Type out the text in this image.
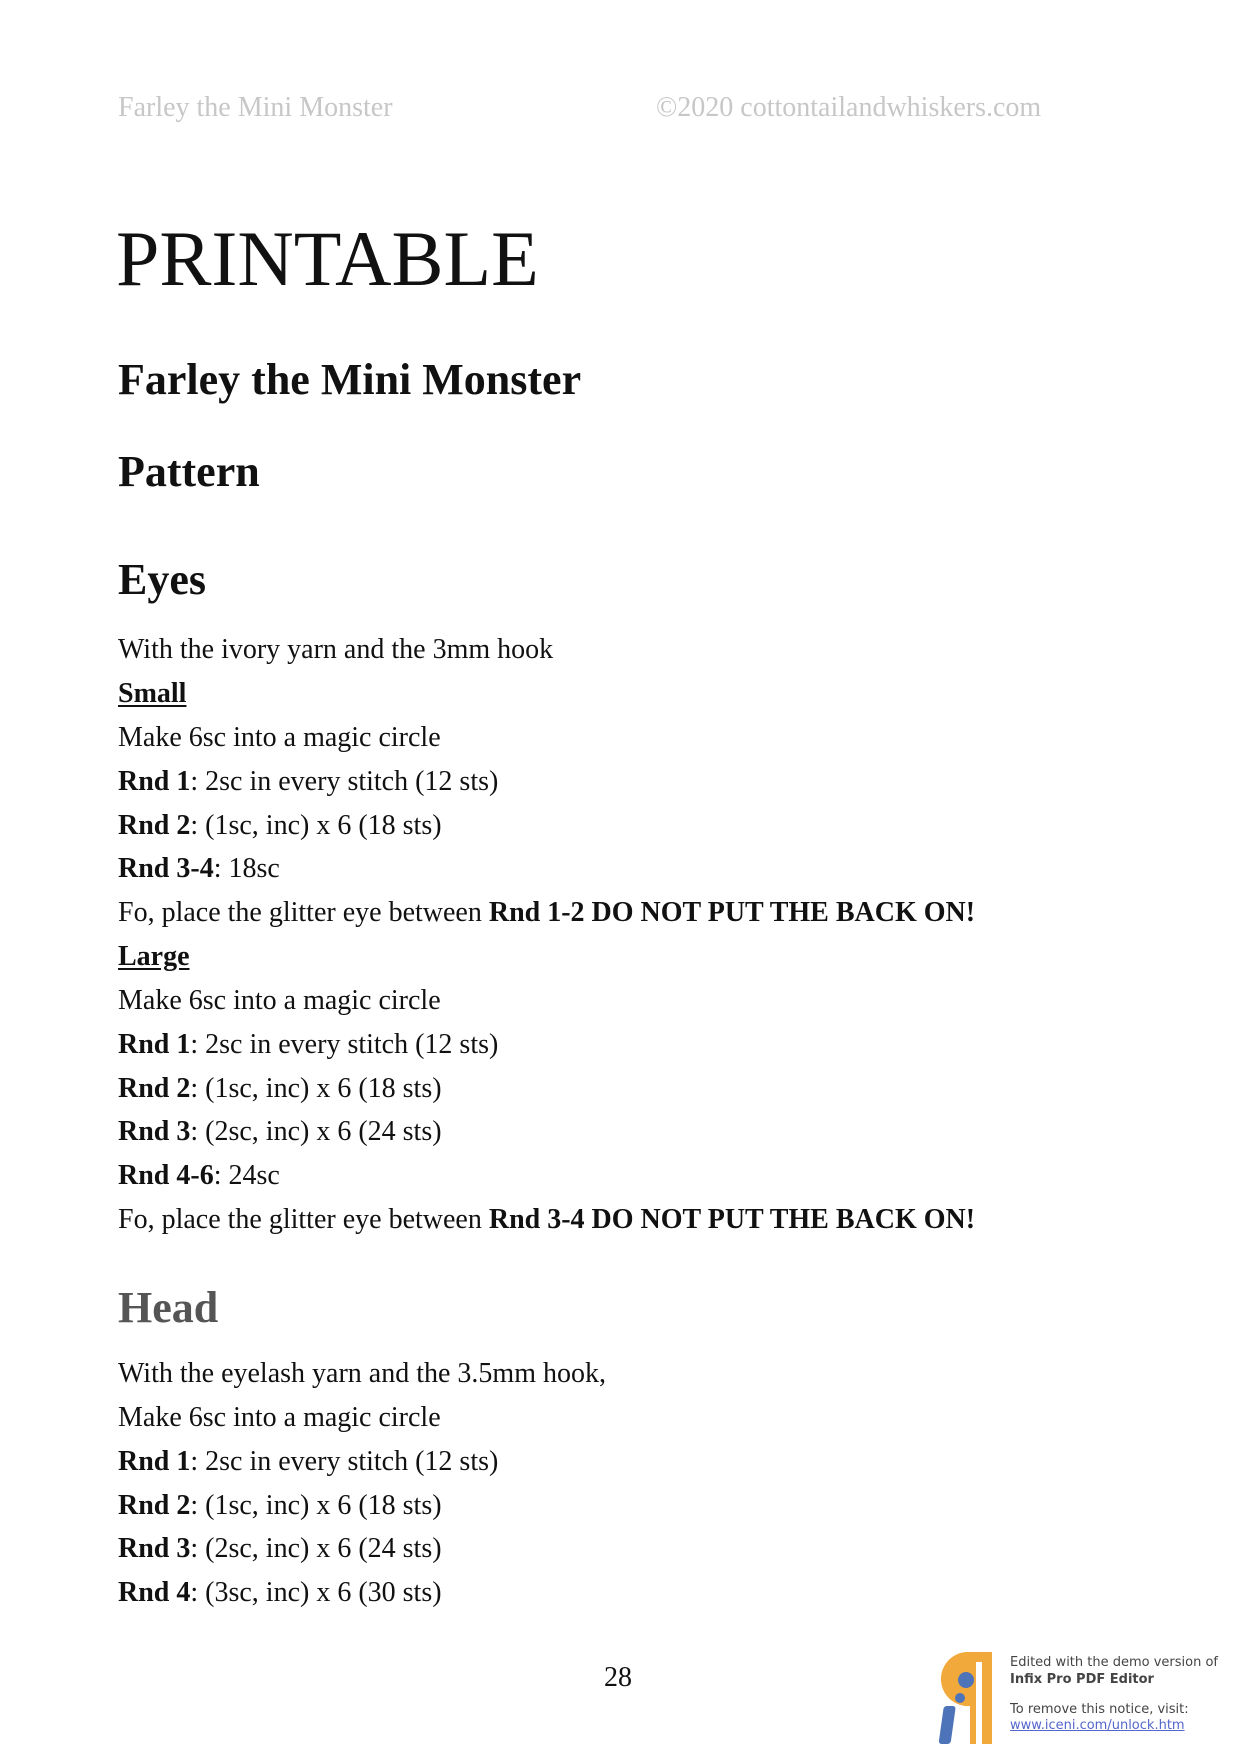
Farley the Mini Monster	©2020 cottontailandwhiskers.com
PRINTABLE
Farley the Mini Monster
Pattern
Eyes
With the ivory yarn and the 3mm hook
Small
Make 6sc into a magic circle
Rnd 1: 2sc in every stitch (12 sts)
Rnd 2: (1sc, inc) x 6 (18 sts)
Rnd 3-4: 18sc
Fo, place the glitter eye between Rnd 1-2 DO NOT PUT THE BACK ON!
Large
Make 6sc into a magic circle
Rnd 1: 2sc in every stitch (12 sts)
Rnd 2: (1sc, inc) x 6 (18 sts)
Rnd 3: (2sc, inc) x 6 (24 sts)
Rnd 4-6: 24sc
Fo, place the glitter eye between Rnd 3-4 DO NOT PUT THE BACK ON!
Head
With the eyelash yarn and the 3.5mm hook,
Make 6sc into a magic circle
Rnd 1: 2sc in every stitch (12 sts)
Rnd 2: (1sc, inc) x 6 (18 sts)
Rnd 3: (2sc, inc) x 6 (24 sts)
Rnd 4: (3sc, inc) x 6 (30 sts)
28	Edited with the demo version of
Infix Pro PDF Editor
To remove this notice, visit:
www.iceni.com/unlock.htm
